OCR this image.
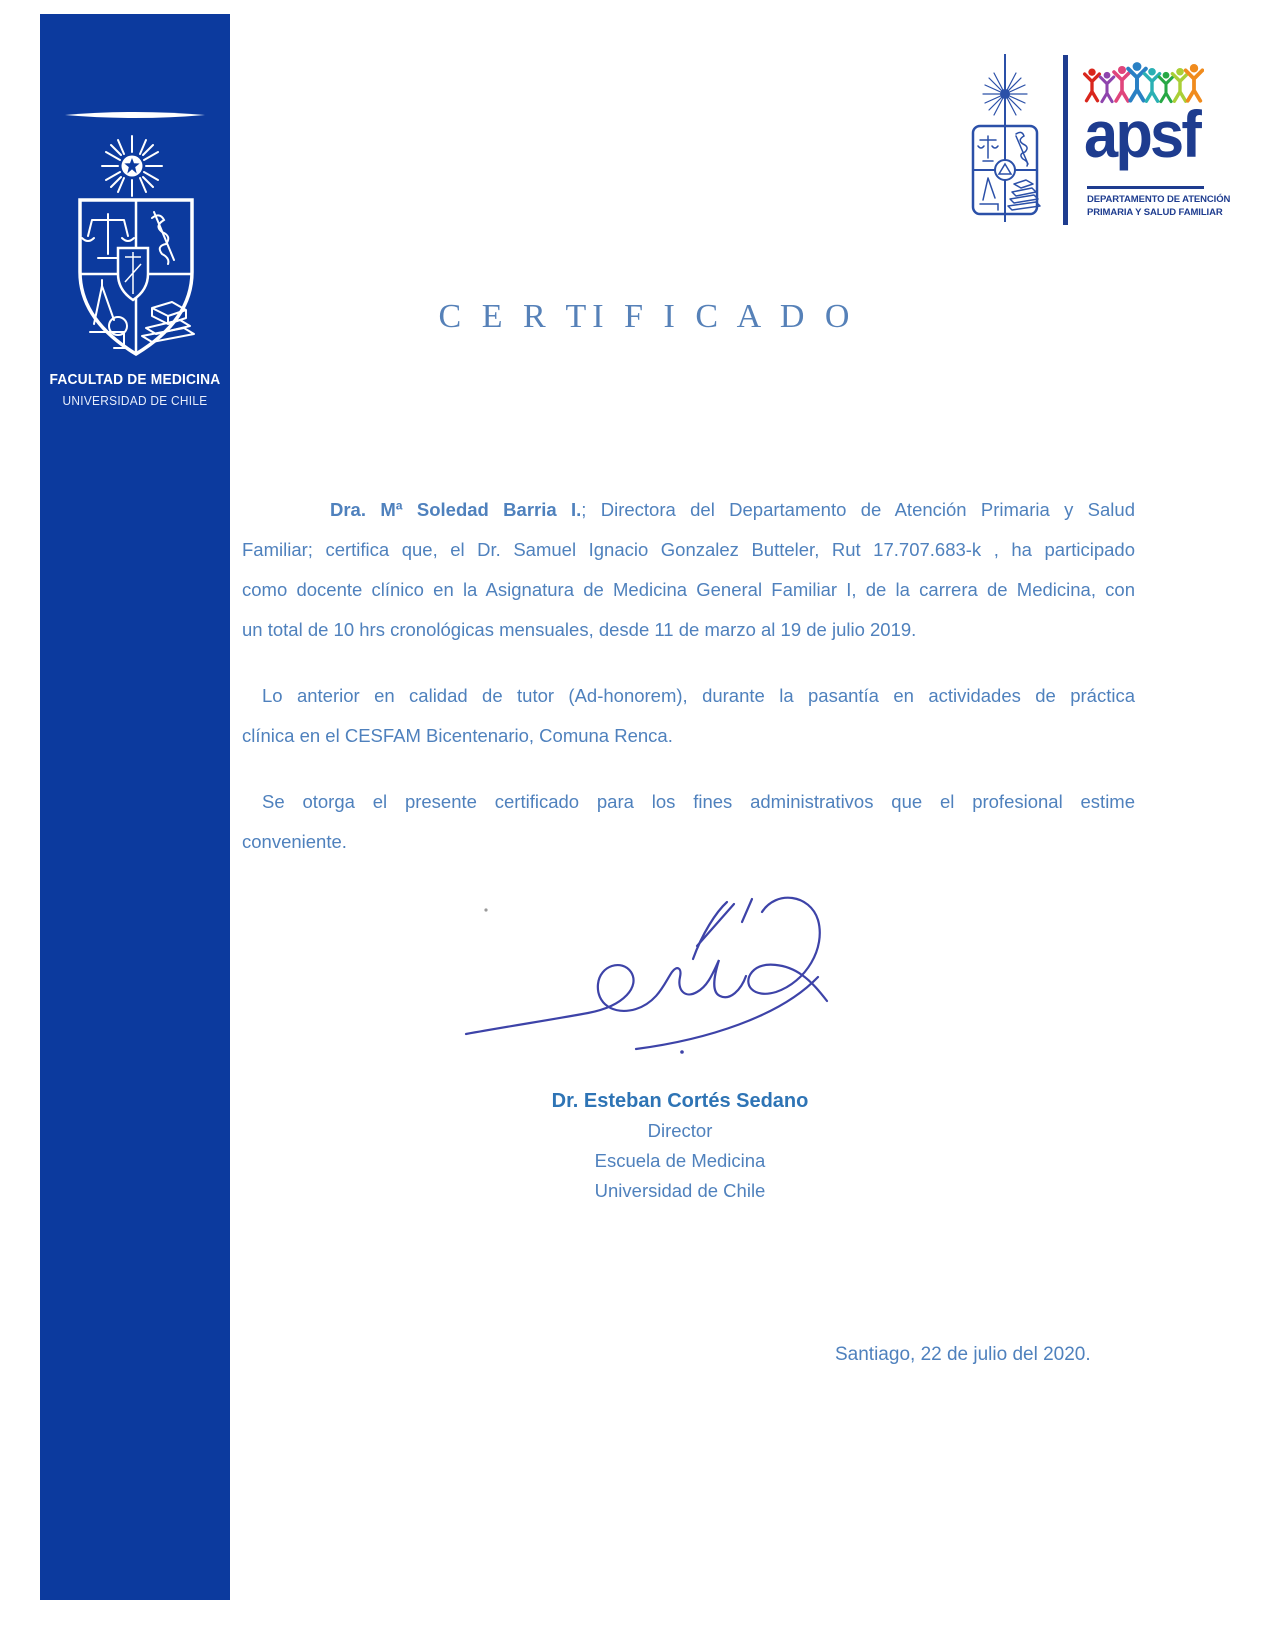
FACULTAD DE MEDICINA
UNIVERSIDAD DE CHILE
apsf
DEPARTAMENTO DE ATENCIÓN
PRIMARIA Y SALUD FAMILIAR
C E R TI F I C A D O
Dra. Mª Soledad Barria I.; Directora del Departamento de Atención Primaria y Salud
Familiar; certifica que, el Dr. Samuel Ignacio Gonzalez Butteler, Rut 17.707.683-k , ha participado
como docente clínico en la Asignatura de Medicina General Familiar I, de la carrera de Medicina, con
un total de 10 hrs cronológicas mensuales, desde 11 de marzo al 19 de julio 2019.
Lo anterior en calidad de tutor (Ad-honorem), durante la pasantía en actividades de práctica
clínica en el CESFAM Bicentenario, Comuna Renca.
Se otorga el presente certificado para los fines administrativos que el profesional estime
conveniente.
Dr. Esteban Cortés Sedano
Director
Escuela de Medicina
Universidad de Chile
Santiago, 22 de julio del 2020.
